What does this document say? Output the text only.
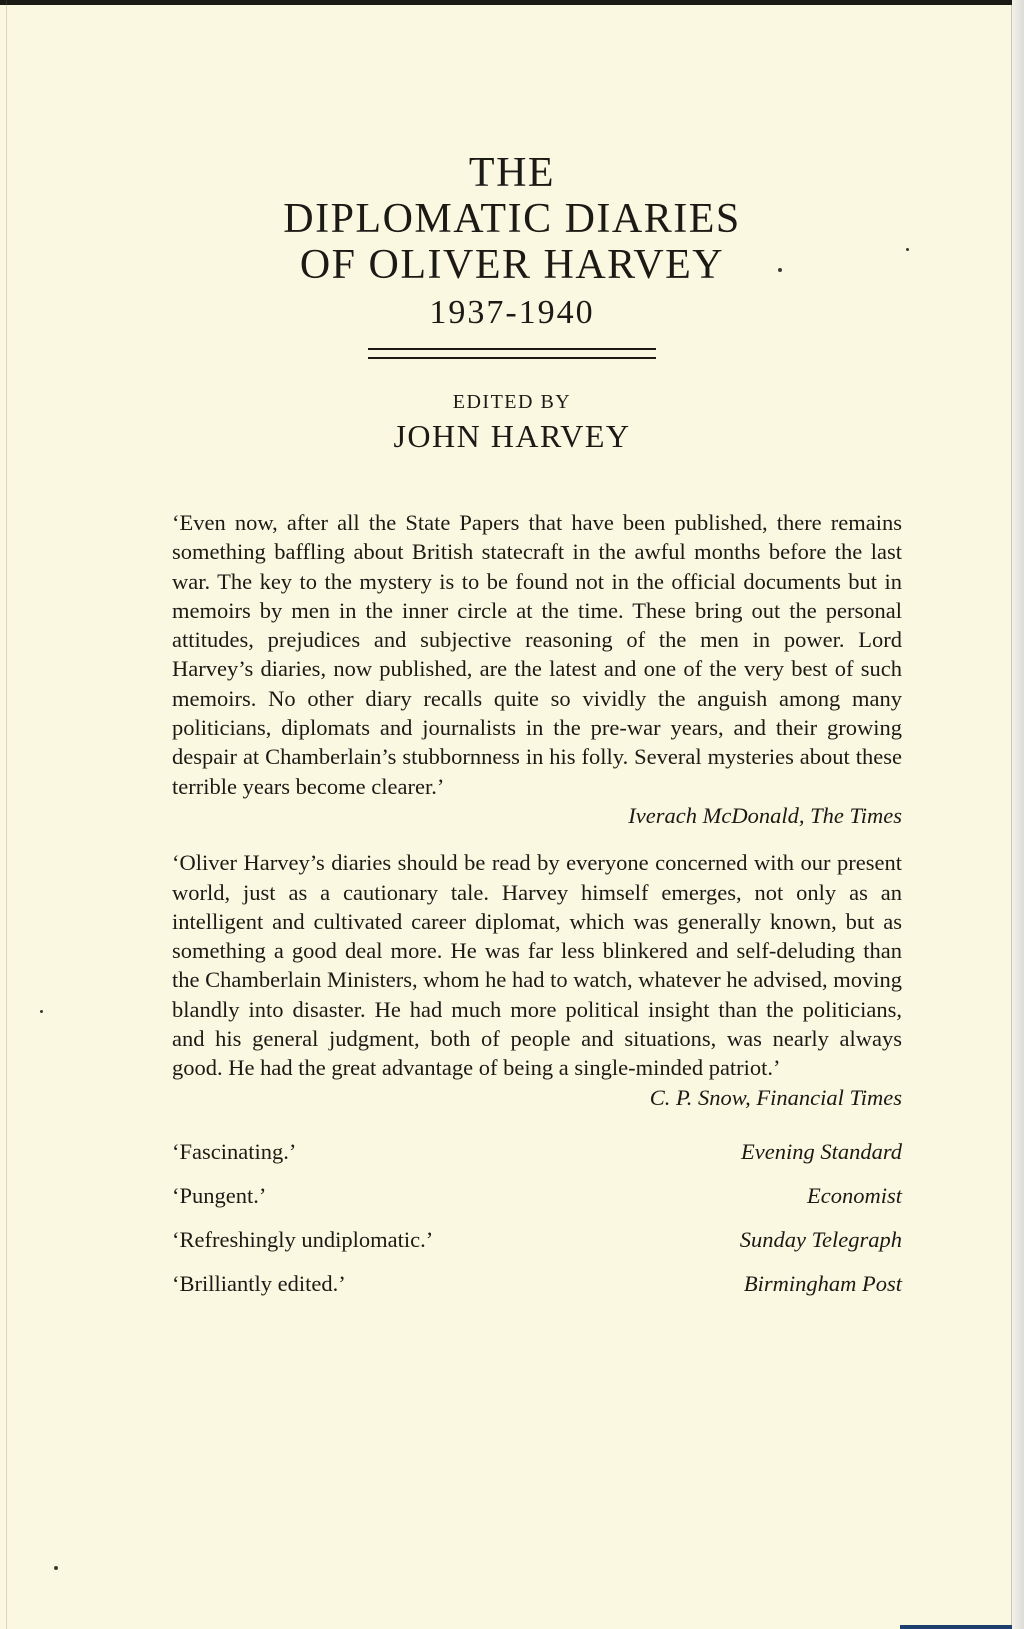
THE
DIPLOMATIC DIARIES
OF OLIVER HARVEY
1937-1940
EDITED BY
JOHN HARVEY

‘Even now, after all the State Papers that have been published, there remains something baffling about British statecraft in the awful months before the last war. The key to the mystery is to be found not in the official documents but in memoirs by men in the inner circle at the time. These bring out the personal attitudes, prejudices and subjective reasoning of the men in power. Lord Harvey’s diaries, now published, are the latest and one of the very best of such memoirs. No other diary recalls quite so vividly the anguish among many politicians, diplomats and journalists in the pre-war years, and their growing despair at Chamberlain’s stubbornness in his folly. Several mysteries about these terrible years become clearer.’

Iverach McDonald, The Times

‘Oliver Harvey’s diaries should be read by everyone concerned with our present world, just as a cautionary tale. Harvey himself emerges, not only as an intelligent and cultivated career diplomat, which was generally known, but as something a good deal more. He was far less blinkered and self-deluding than the Chamberlain Ministers, whom he had to watch, whatever he advised, moving blandly into disaster. He had much more political insight than the politicians, and his general judgment, both of people and situations, was nearly always good. He had the great advantage of being a single-minded patriot.’

C. P. Snow, Financial Times

‘Fascinating.’	Evening Standard
‘Pungent.’	Economist
‘Refreshingly undiplomatic.’	Sunday Telegraph
‘Brilliantly edited.’	Birmingham Post
